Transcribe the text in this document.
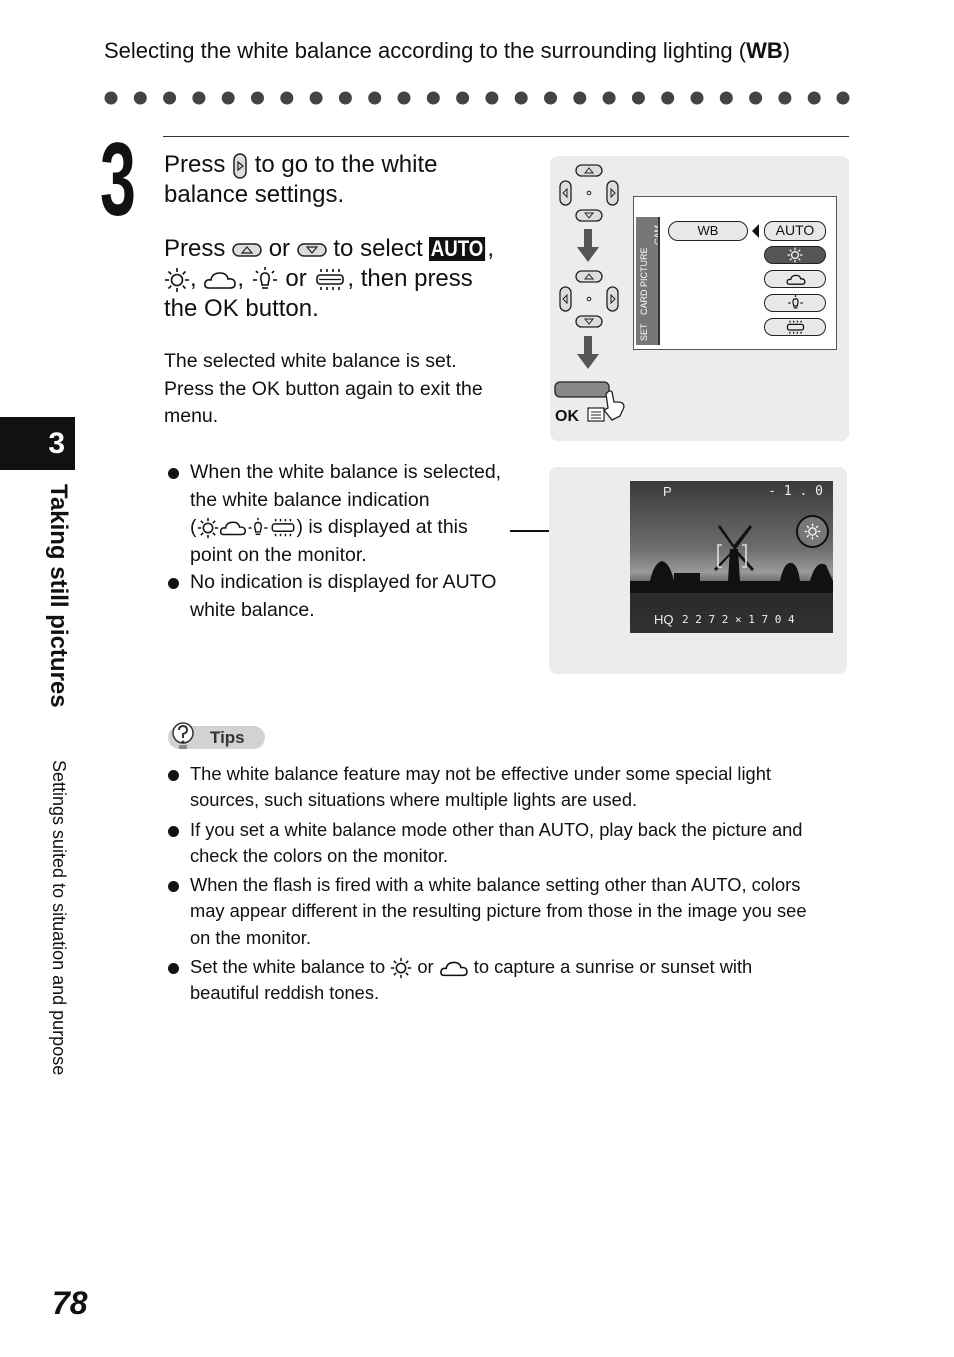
Selecting the white balance according to the surrounding lighting (WB)
3 Press to go to the white
balance settings.
Press or to select AUTO ,
, , or , then press
the OK button.
The selected white balance is set.
Press the OK button again to exit the
menu.	OK
CAM
PICTURE
CARD
SET
WB	AUTO
When the white balance is selected,
the white balance indication
(	) is displayed at this
point on the monitor.
No indication is displayed for AUTO
white balance.
P	- 1 . 0
HQ 2 2 7 2 × 1 7 0 4
Tips
The white balance feature may not be effective under some special light
sources, such situations where multiple lights are used.
If you set a white balance mode other than AUTO, play back the picture and
check the colors on the monitor.
When the flash is fired with a white balance setting other than AUTO, colors
may appear different in the resulting picture from those in the image you see
on the monitor.
Set the white balance to or to capture a sunrise or sunset with
beautiful reddish tones.
3
Taking still pictures
Settings suited to situation and purpose
78
